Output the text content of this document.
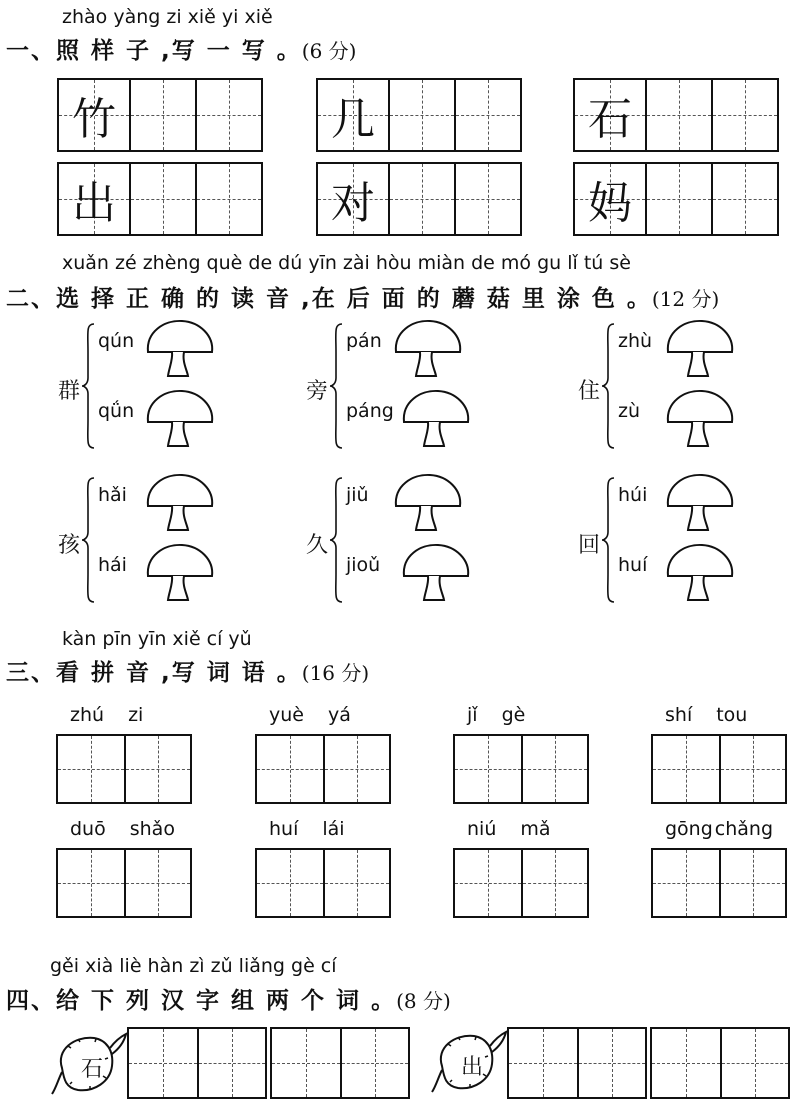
zhào yàng zi xiě yi xiě
一、照 样 子 ,写 一 写 。(6 分)
竹	几	石
出	对	妈
xuǎn zé zhèng què de dú yīn zài hòu miàn de mó gu lǐ tú sè
二、选 择 正 确 的 读 音 ,在 后 面 的 蘑 菇 里 涂 色 。(12 分)
群
qún
qǘn
旁
pán
páng
住
zhù
zù
孩
hǎi
hái
久
jiǔ
jioǔ
回
húi
huí
kàn pīn yīn xiě cí yǔ
三、看 拼 音 ,写 词 语 。(16 分)
zhú zi	yuè yá	jǐ gè	shí tou
duō shǎo	huí lái	niú mǎ	gōng chǎng
gěi xià liè hàn zì zǔ liǎng gè cí
四、给 下 列 汉 字 组 两 个 词 。(8 分)
石	出
